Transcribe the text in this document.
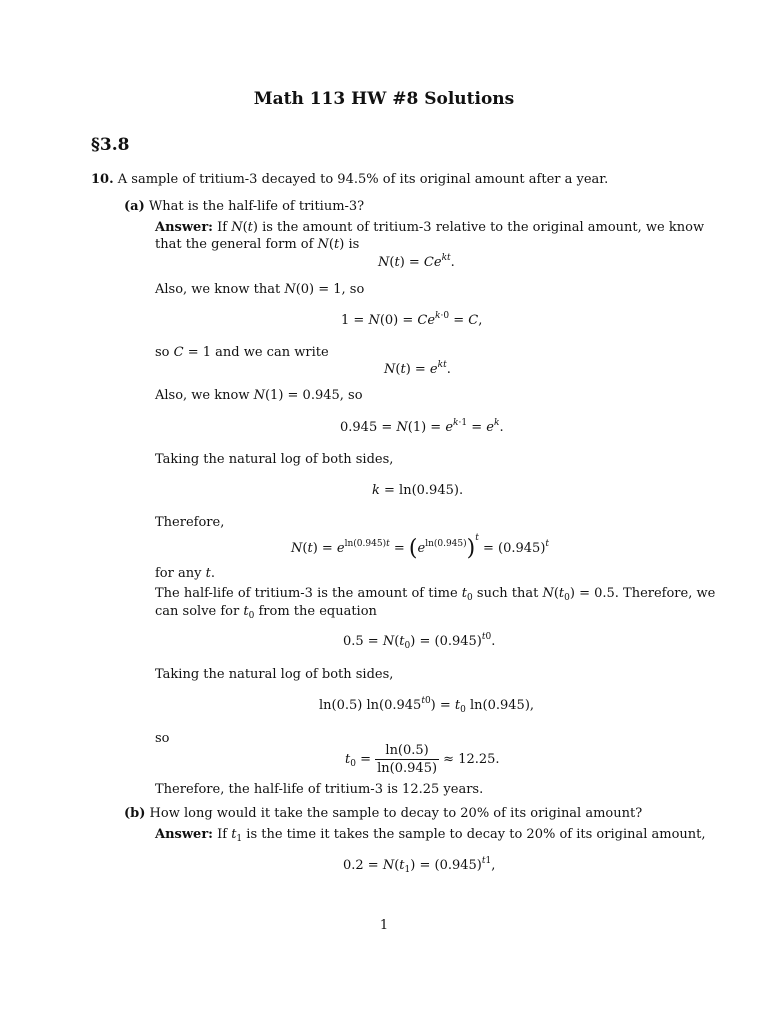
Math 113 HW #8 Solutions
§3.8
10. A sample of tritium-3 decayed to 94.5% of its original amount after a year.
(a) What is the half-life of tritium-3?
Answer: If N(t) is the amount of tritium-3 relative to the original amount, we know
that the general form of N(t) is
$N(t) = Ce^{kt}$.
Also, we know that N(0) = 1, so
$1 = N(0) = Ce^{k\cdot 0} = C$,
so C = 1 and we can write
$N(t) = e^{kt}$.
Also, we know N(1) = 0.945, so
$0.945 = N(1) = e^{k\cdot 1} = e^k$.
Taking the natural log of both sides,
k = ln(0.945).
Therefore,
$N(t) = e^{ln(0.945)t} = (e^{ln(0.945)})^t = (0.945)^t$
for any t.
The half-life of tritium-3 is the amount of time $t_0$ such that $N(t_0) = 0.5$. Therefore, we
can solve for $t_0$ from the equation
$0.5 = N(t_0) = (0.945)^{t0}$.
Taking the natural log of both sides,
ln(0.5) $\ln(0.945^{t0}) = t_0$ ln(0.945),
so
$t_0 = \frac{\ln(0.5)}{\ln(0.945)} \approx 12.25$.
Therefore, the half-life of tritium-3 is 12.25 years.
(b) How long would it take the sample to decay to 20% of its original amount?
Answer: If $t_1$ is the time it takes the sample to decay to 20% of its original amount,
$0.2 = N(t_1) = (0.945)^{t1}$,
1
